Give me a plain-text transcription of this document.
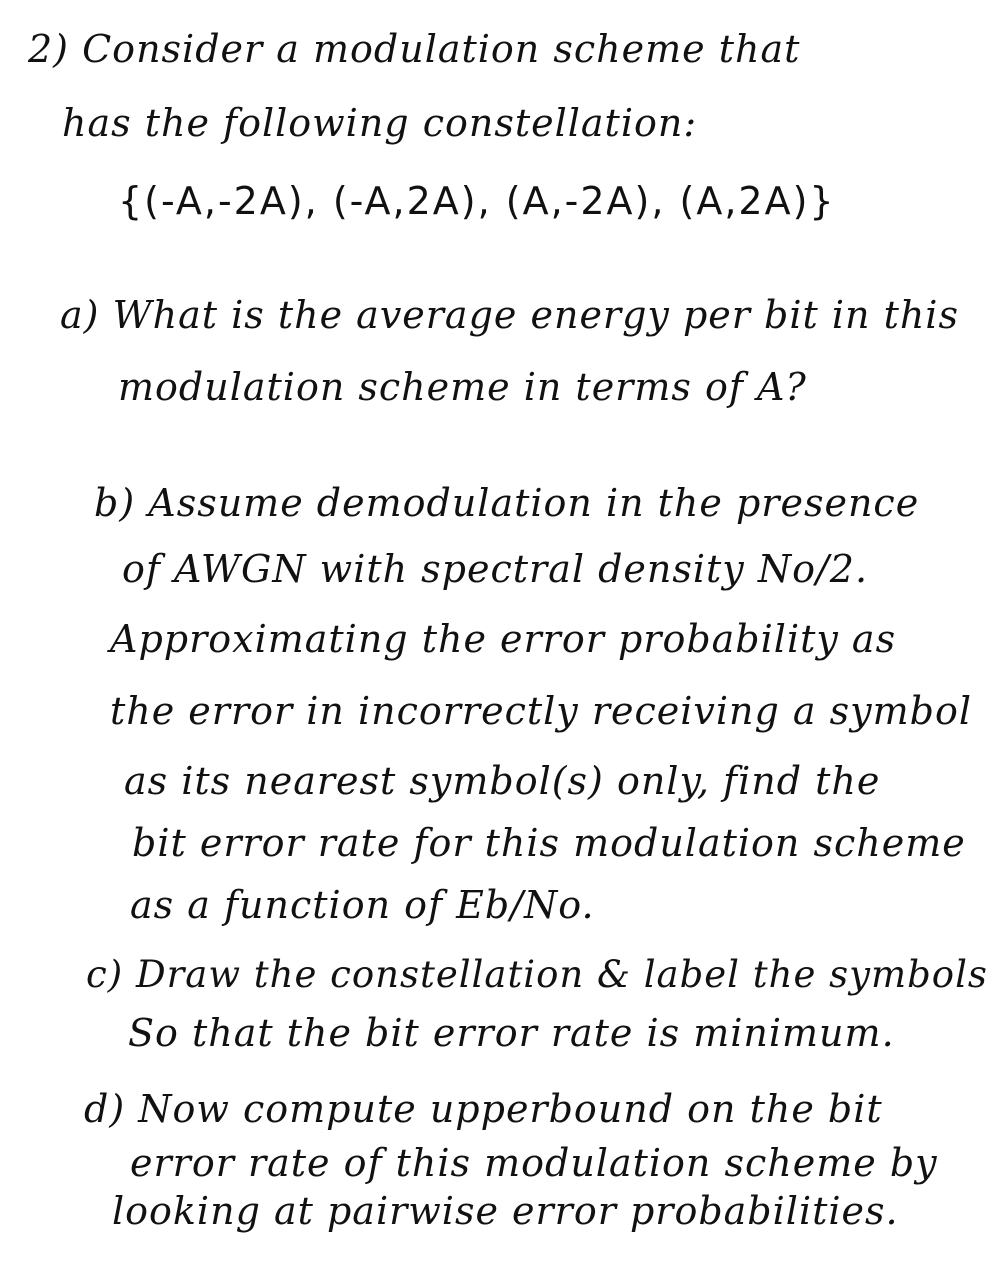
2) Consider a modulation scheme that
has the following constellation:
{(-A,-2A), (-A,2A), (A,-2A), (A,2A)}
a) What is the average energy per bit in this
modulation scheme in terms of A?
b) Assume demodulation in the presence
of AWGN with spectral density No/2.
Approximating the error probability as
the error in incorrectly receiving a symbol
as its nearest symbol(s) only, find the
bit error rate for this modulation scheme
as a function of Eb/No.
c) Draw the constellation & label the symbols
So that the bit error rate is minimum.
d) Now compute upperbound on the bit
error rate of this modulation scheme by
looking at pairwise error probabilities.
